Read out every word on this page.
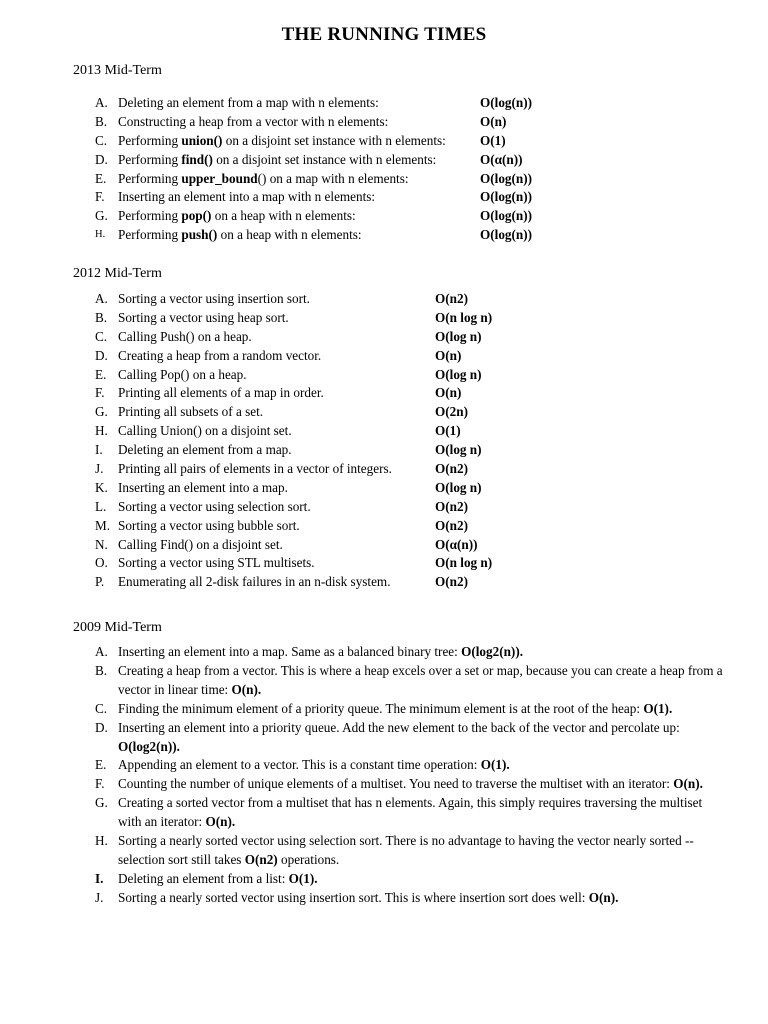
THE RUNNING TIMES
2013 Mid-Term
A. Deleting an element from a map with n elements:	O(log(n))
B. Constructing a heap from a vector with n elements:	O(n)
C. Performing union() on a disjoint set instance with n elements:	O(1)
D. Performing find() on a disjoint set instance with n elements:	O(α(n))
E. Performing upper_bound() on a map with n elements:	O(log(n))
F.	Inserting an element into a map with n elements:	O(log(n))
G. Performing pop() on a heap with n elements:	O(log(n))
H. Performing push() on a heap with n elements:	O(log(n))
2012 Mid-Term
A. Sorting a vector using insertion sort.	O(n2)
B. Sorting a vector using heap sort.	O(n log n)
C. Calling Push() on a heap.	O(log n)
D. Creating a heap from a random vector.	O(n)
E. Calling Pop() on a heap.	O(log n)
F.	Printing all elements of a map in order.	O(n)
G. Printing all subsets of a set.	O(2n)
H. Calling Union() on a disjoint set.	O(1)
I.	Deleting an element from a map.	O(log n)
J.	Printing all pairs of elements in a vector of integers.	O(n2)
K. Inserting an element into a map.	O(log n)
L. Sorting a vector using selection sort.	O(n2)
M. Sorting a vector using bubble sort.	O(n2)
N. Calling Find() on a disjoint set.	O(α(n))
O. Sorting a vector using STL multisets.	O(n log n)
P.	Enumerating all 2-disk failures in an n-disk system.	O(n2)
2009 Mid-Term
A. Inserting an element into a map. Same as a balanced binary tree: O(log2(n)).
B. Creating a heap from a vector. This is where a heap excels over a set or map, because you can create a heap from a vector in linear time: O(n).
C. Finding the minimum element of a priority queue. The minimum element is at the root of the heap: O(1).
D. Inserting an element into a priority queue. Add the new element to the back of the vector and percolate up: O(log2(n)).
E. Appending an element to a vector. This is a constant time operation: O(1).
F.	Counting the number of unique elements of a multiset. You need to traverse the multiset with an iterator: O(n).
G. Creating a sorted vector from a multiset that has n elements. Again, this simply requires traversing the multiset with an iterator: O(n).
H. Sorting a nearly sorted vector using selection sort. There is no advantage to having the vector nearly sorted -- selection sort still takes O(n2) operations.
I.	Deleting an element from a list: O(1).
J.	Sorting a nearly sorted vector using insertion sort. This is where insertion sort does well: O(n).
